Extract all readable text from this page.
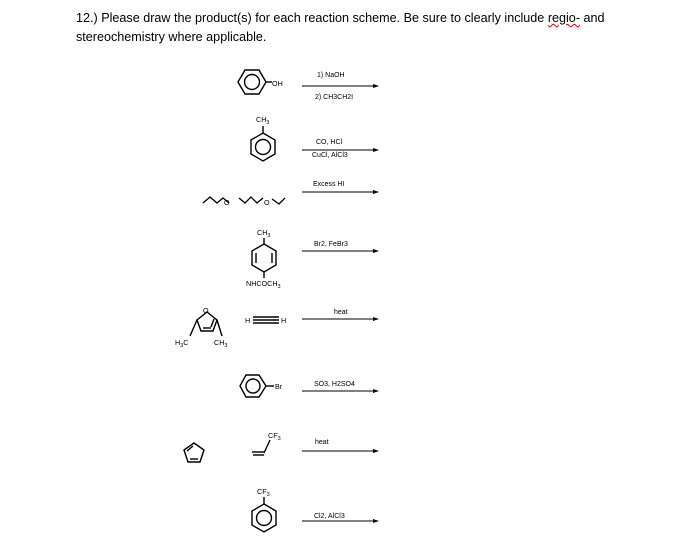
12.) Please draw the product(s) for each reaction scheme. Be sure to clearly include regio- and
stereochemistry where applicable.
OH
$CH_3$
O	O
$CH_3$
$NHCOCH_3$
O
$H_3C$	$CH_3$
H	H
Br
$CF_3$
$CF_3$
1) NaOH
2) CH3CH2I
CO, HCl
CuCl, AlCl3
Excess HI
Br2, FeBr3
heat
SO3, H2SO4
heat
Cl2, AlCl3
